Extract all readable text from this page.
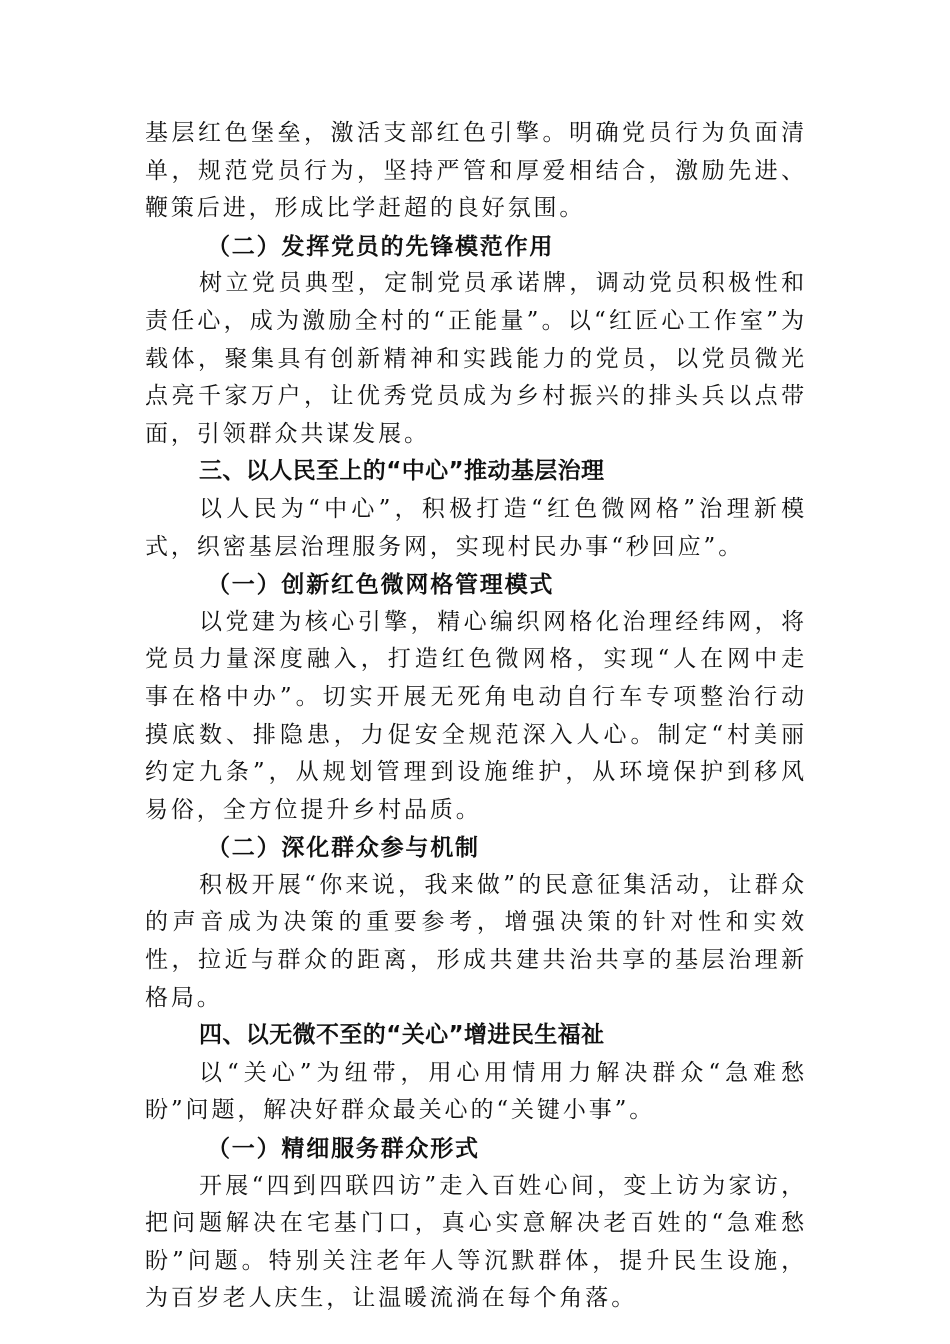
基层红色堡垒，激活支部红色引擎。明确党员行为负面清单，规范党员行为，坚持严管和厚爱相结合，激励先进、鞭策后进，形成比学赶超的良好氛围。

（二）发挥党员的先锋模范作用

树立党员典型，定制党员承诺牌，调动党员积极性和责任心，成为激励全村的“正能量”。以“红匠心工作室”为载体，聚集具有创新精神和实践能力的党员，以党员微光点亮千家万户，让优秀党员成为乡村振兴的排头兵以点带面，引领群众共谋发展。

三、以人民至上的“中心”推动基层治理

以人民为“中心”，积极打造“红色微网格”治理新模式，织密基层治理服务网，实现村民办事“秒回应”。

（一）创新红色微网格管理模式

以党建为核心引擎，精心编织网格化治理经纬网，将党员力量深度融入，打造红色微网格，实现“人在网中走事在格中办”。切实开展无死角电动自行车专项整治行动摸底数、排隐患，力促安全规范深入人心。制定“村美丽约定九条”，从规划管理到设施维护，从环境保护到移风易俗，全方位提升乡村品质。

（二）深化群众参与机制

积极开展“你来说，我来做”的民意征集活动，让群众的声音成为决策的重要参考，增强决策的针对性和实效性，拉近与群众的距离，形成共建共治共享的基层治理新格局。

四、以无微不至的“关心”增进民生福祉

以“关心”为纽带，用心用情用力解决群众“急难愁盼”问题，解决好群众最关心的“关键小事”。

（一）精细服务群众形式

开展“四到四联四访”走入百姓心间，变上访为家访，把问题解决在宅基门口，真心实意解决老百姓的“急难愁盼”问题。特别关注老年人等沉默群体，提升民生设施，为百岁老人庆生，让温暖流淌在每个角落。
